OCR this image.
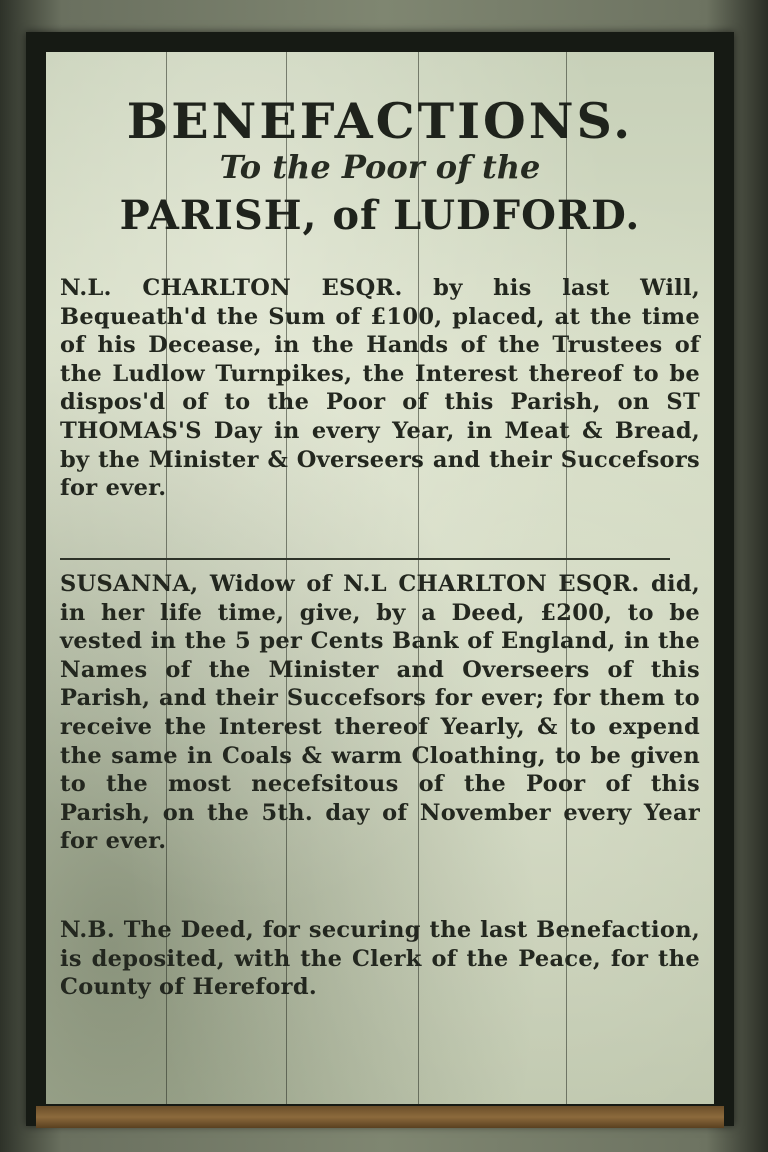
BENEFACTIONS.
To the Poor of the
PARISH, of LUDFORD.
N.L. CHARLTON ESQR. by his last Will, Bequeath'd the Sum of £100, placed, at the time of his Decease, in the Hands of the Trustees of the Ludlow Turnpikes, the Interest thereof to be dispos'd of to the Poor of this Parish, on ST THOMAS'S Day in every Year, in Meat & Bread, by the Minister & Overseers and their Succefsors for ever.
SUSANNA, Widow of N.L CHARLTON ESQR. did, in her life time, give, by a Deed, £200, to be vested in the 5 per Cents Bank of England, in the Names of the Minister and Overseers of this Parish, and their Succefsors for ever; for them to receive the Interest thereof Yearly, & to expend the same in Coals & warm Cloathing, to be given to the most necefsitous of the Poor of this Parish, on the 5th. day of November every Year for ever.
N.B. The Deed, for securing the last Benefaction, is deposited, with the Clerk of the Peace, for the County of Hereford.
